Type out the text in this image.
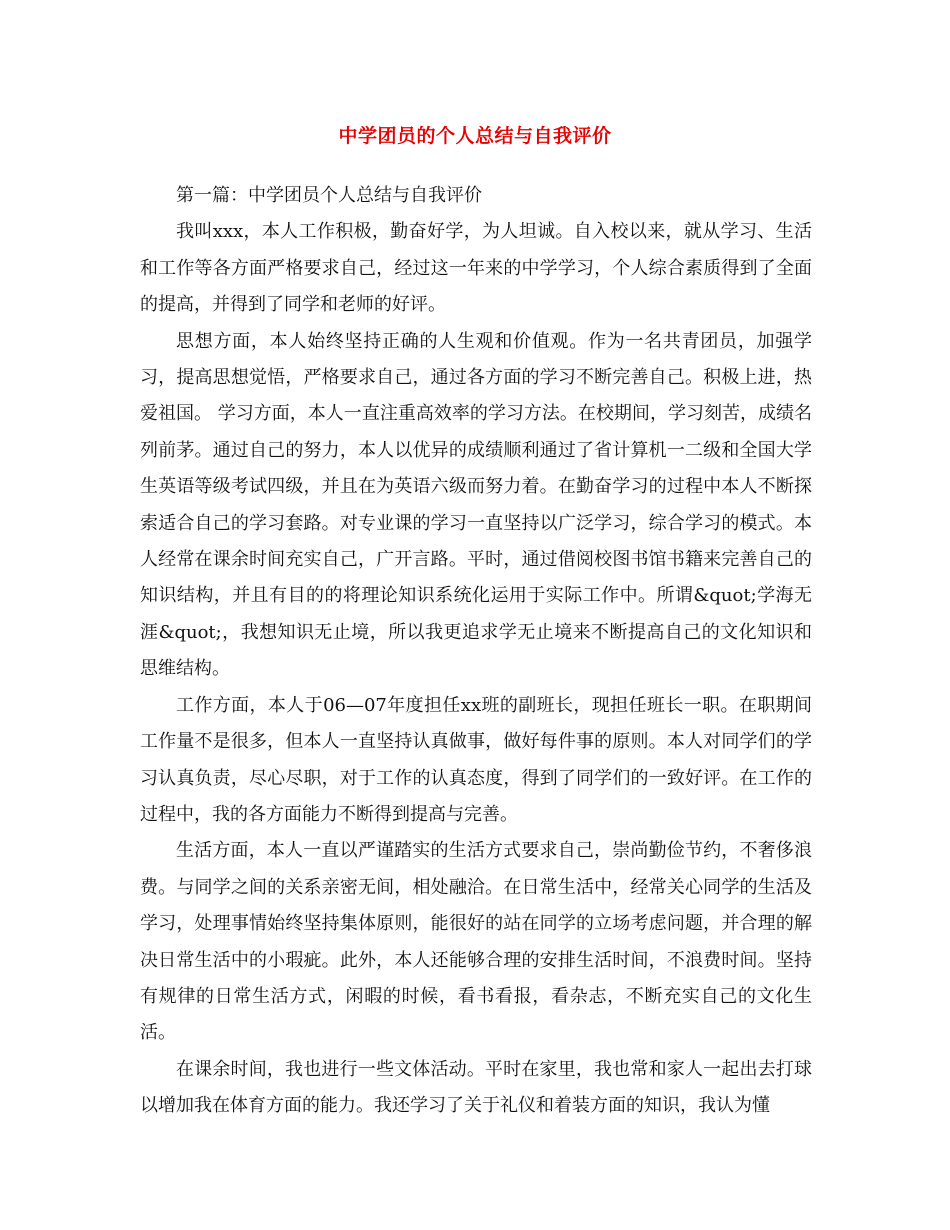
中学团员的个人总结与自我评价

第一篇：中学团员个人总结与自我评价

我叫xxx，本人工作积极，勤奋好学，为人坦诚。自入校以来，就从学习、生活和工作等各方面严格要求自己，经过这一年来的中学学习，个人综合素质得到了全面的提高，并得到了同学和老师的好评。

思想方面，本人始终坚持正确的人生观和价值观。作为一名共青团员，加强学习，提高思想觉悟，严格要求自己，通过各方面的学习不断完善自己。积极上进，热爱祖国。 学习方面，本人一直注重高效率的学习方法。在校期间，学习刻苦，成绩名列前茅。通过自己的努力，本人以优异的成绩顺利通过了省计算机一二级和全国大学生英语等级考试四级，并且在为英语六级而努力着。在勤奋学习的过程中本人不断探索适合自己的学习套路。对专业课的学习一直坚持以广泛学习，综合学习的模式。本人经常在课余时间充实自己，广开言路。平时，通过借阅校图书馆书籍来完善自己的知识结构，并且有目的的将理论知识系统化运用于实际工作中。所谓&quot;学海无涯&quot;，我想知识无止境，所以我更追求学无止境来不断提高自己的文化知识和思维结构。

工作方面，本人于06—07年度担任xx班的副班长，现担任班长一职。在职期间工作量不是很多，但本人一直坚持认真做事，做好每件事的原则。本人对同学们的学习认真负责，尽心尽职，对于工作的认真态度，得到了同学们的一致好评。在工作的过程中，我的各方面能力不断得到提高与完善。

生活方面，本人一直以严谨踏实的生活方式要求自己，崇尚勤俭节约，不奢侈浪费。与同学之间的关系亲密无间，相处融洽。在日常生活中，经常关心同学的生活及学习，处理事情始终坚持集体原则，能很好的站在同学的立场考虑问题，并合理的解决日常生活中的小瑕疵。此外，本人还能够合理的安排生活时间，不浪费时间。坚持有规律的日常生活方式，闲暇的时候，看书看报，看杂志，不断充实自己的文化生活。

在课余时间，我也进行一些文体活动。平时在家里，我也常和家人一起出去打球以增加我在体育方面的能力。我还学习了关于礼仪和着装方面的知识，我认为懂
